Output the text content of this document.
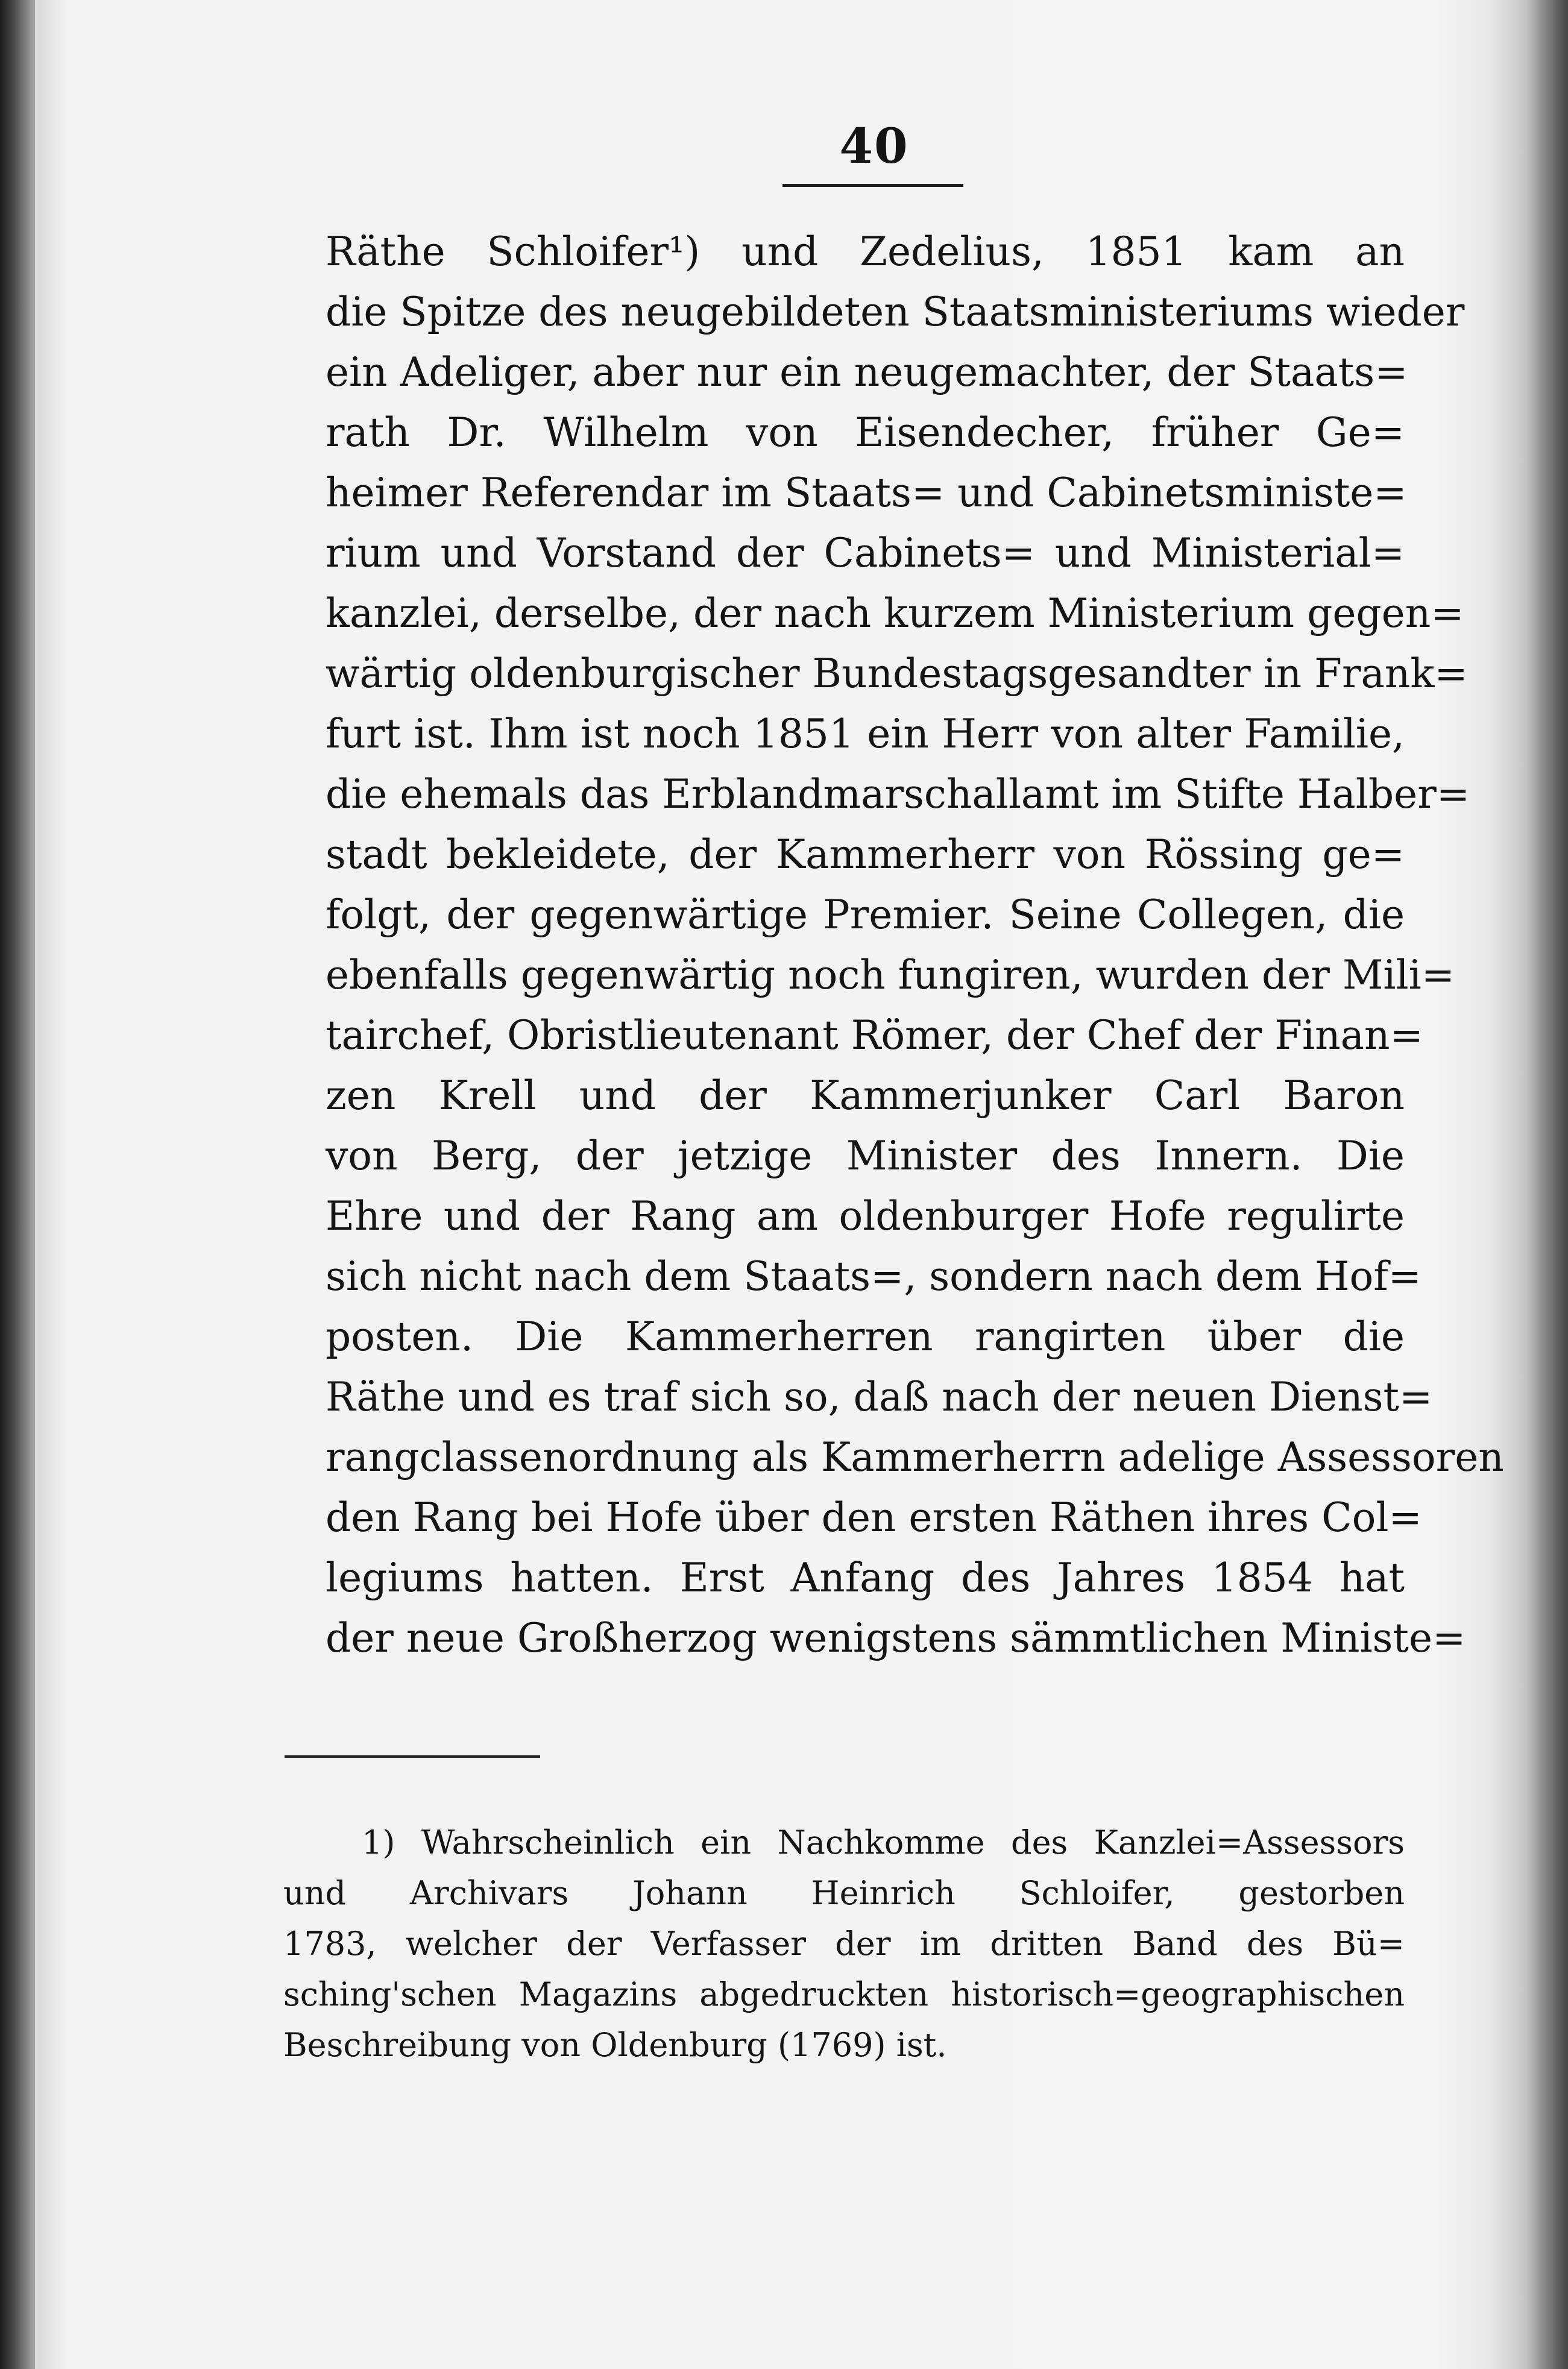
40
Räthe Schloifer¹) und Zedelius, 1851 kam an
die Spitze des neugebildeten Staatsministeriums wieder
ein Adeliger, aber nur ein neugemachter, der Staats=
rath Dr. Wilhelm von Eisendecher, früher Ge=
heimer Referendar im Staats= und Cabinetsministe=
rium und Vorstand der Cabinets= und Ministerial=
kanzlei, derselbe, der nach kurzem Ministerium gegen=
wärtig oldenburgischer Bundestagsgesandter in Frank=
furt ist. Ihm ist noch 1851 ein Herr von alter Familie,
die ehemals das Erblandmarschallamt im Stifte Halber=
stadt bekleidete, der Kammerherr von Rössing ge=
folgt, der gegenwärtige Premier. Seine Collegen, die
ebenfalls gegenwärtig noch fungiren, wurden der Mili=
tairchef, Obristlieutenant Römer, der Chef der Finan=
zen Krell und der Kammerjunker Carl Baron
von Berg, der jetzige Minister des Innern. Die
Ehre und der Rang am oldenburger Hofe regulirte
sich nicht nach dem Staats=, sondern nach dem Hof=
posten. Die Kammerherren rangirten über die
Räthe und es traf sich so, daß nach der neuen Dienst=
rangclassenordnung als Kammerherrn adelige Assessoren
den Rang bei Hofe über den ersten Räthen ihres Col=
legiums hatten. Erst Anfang des Jahres 1854 hat
der neue Großherzog wenigstens sämmtlichen Ministe=
1) Wahrscheinlich ein Nachkomme des Kanzlei=Assessors
und Archivars Johann Heinrich Schloifer, gestorben
1783, welcher der Verfasser der im dritten Band des Bü=
sching'schen Magazins abgedruckten historisch=geographischen
Beschreibung von Oldenburg (1769) ist.
